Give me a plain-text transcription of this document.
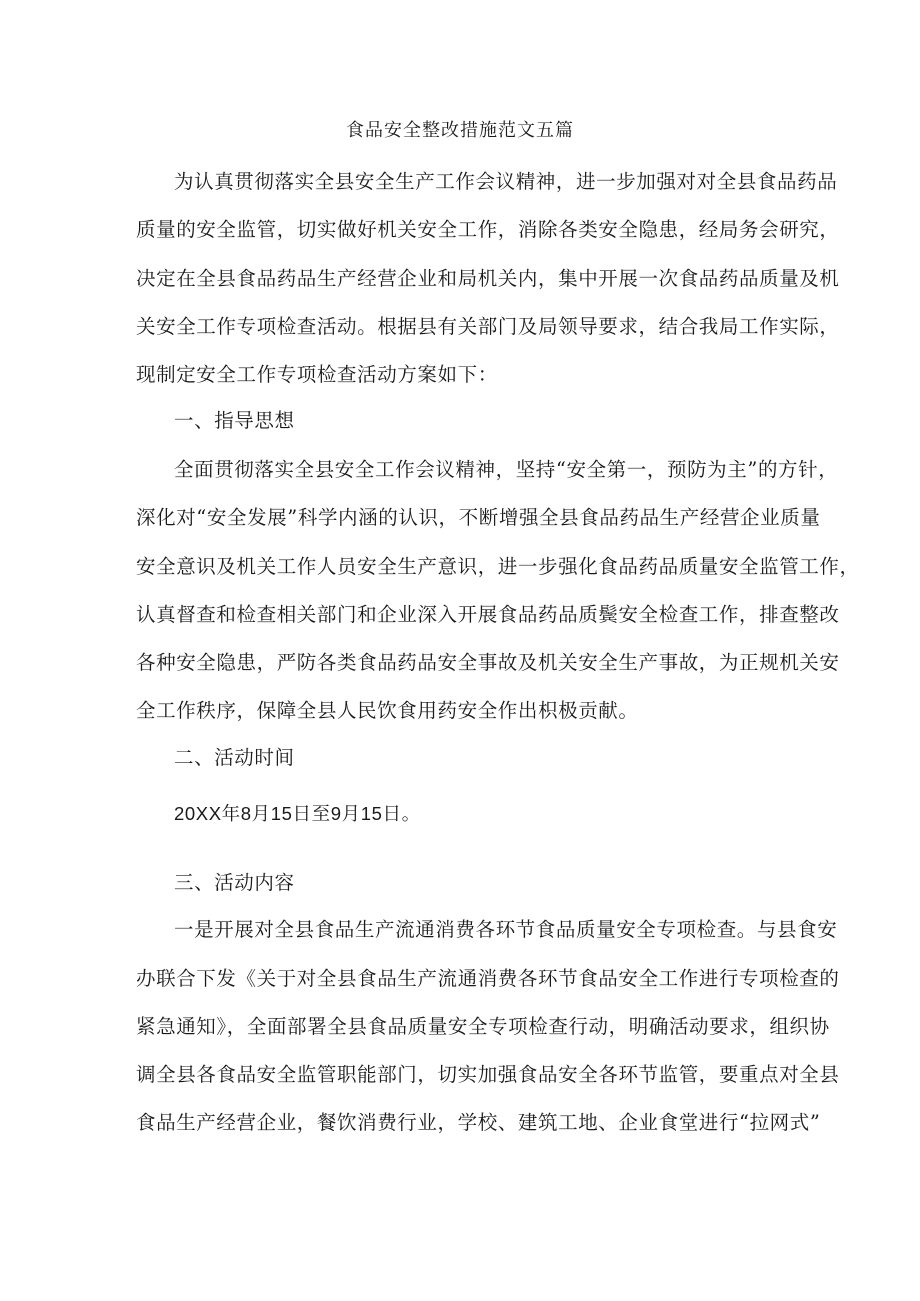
食品安全整改措施范文五篇
为认真贯彻落实全县安全生产工作会议精神，进一步加强对对全县食品药品
质量的安全监管，切实做好机关安全工作，消除各类安全隐患，经局务会研究，
决定在全县食品药品生产经营企业和局机关内，集中开展一次食品药品质量及机
关安全工作专项检查活动。根据县有关部门及局领导要求，结合我局工作实际，
现制定安全工作专项检查活动方案如下：
一、指导思想
全面贯彻落实全县安全工作会议精神，坚持“安全第一，预防为主”的方针，
深化对“安全发展”科学内涵的认识，不断增强全县食品药品生产经营企业质量
安全意识及机关工作人员安全生产意识，进一步强化食品药品质量安全监管工作，
认真督查和检查相关部门和企业深入开展食品药品质鬓安全检查工作，排查整改
各种安全隐患，严防各类食品药品安全事故及机关安全生产事故，为正规机关安
全工作秩序，保障全县人民饮食用药安全作出枳极贡献。
二、活动时间
20XX年8月15日至9月15日。
三、活动内容
一是开展对全县食品生产流通消费各环节食品质量安全专项检查。与县食安
办联合下发《关于对全县食品生产流通消费各环节食品安全工作进行专项检查的
紧急通知》，全面部署全县食品质量安全专项检查行动，明确活动要求，组织协
调全县各食品安全监管职能部门，切实加强食品安全各环节监管，要重点对全县
食品生产经营企业，餐饮消费行业，学校、建筑工地、企业食堂进行“拉网式”
